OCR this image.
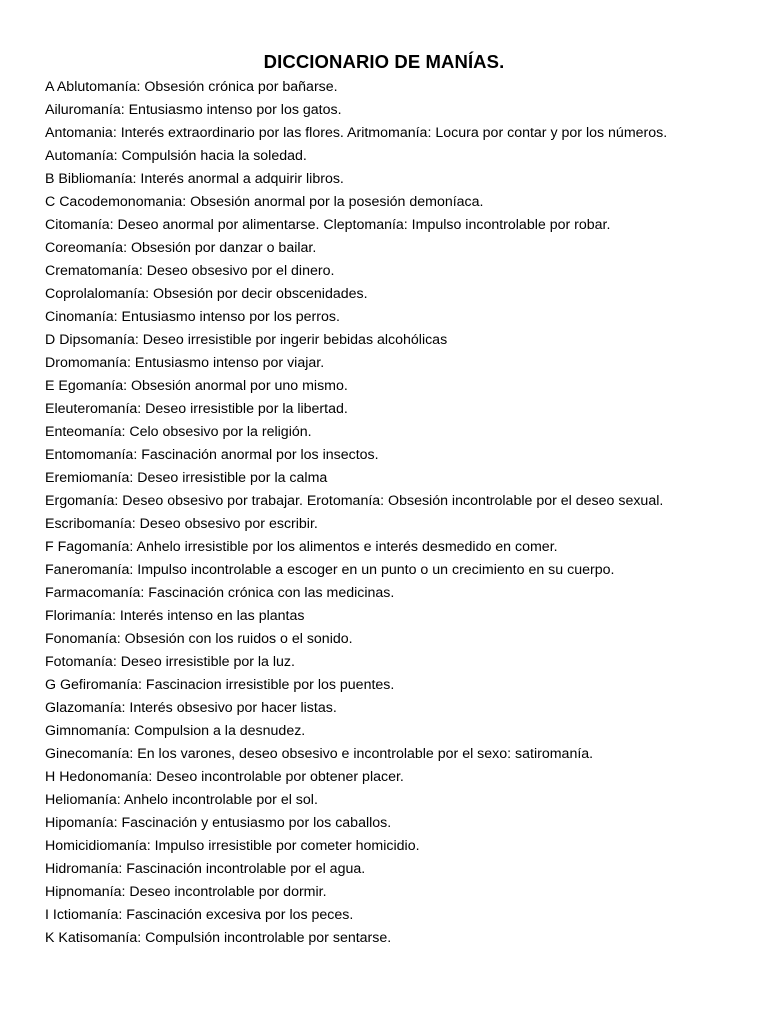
DICCIONARIO DE MANÍAS.
A Ablutomanía: Obsesión crónica por bañarse.
Ailuromanía: Entusiasmo intenso por los gatos.
Antomania: Interés extraordinario por las flores. Aritmomanía: Locura por contar y por los números.
Automanía: Compulsión hacia la soledad.
B Bibliomanía: Interés anormal a adquirir libros.
C Cacodemonomania: Obsesión anormal por la posesión demoníaca.
Citomanía: Deseo anormal por alimentarse. Cleptomanía: Impulso incontrolable por robar.
Coreomanía: Obsesión por danzar o bailar.
Crematomanía: Deseo obsesivo por el dinero.
Coprolalomanía: Obsesión por decir obscenidades.
Cinomanía: Entusiasmo intenso por los perros.
D Dipsomanía: Deseo irresistible por ingerir bebidas alcohólicas
Dromomanía: Entusiasmo intenso por viajar.
E Egomanía: Obsesión anormal por uno mismo.
Eleuteromanía: Deseo irresistible por la libertad.
Enteomanía: Celo obsesivo por la religión.
Entomomanía: Fascinación anormal por los insectos.
Eremiomanía: Deseo irresistible por la calma
Ergomanía: Deseo obsesivo por trabajar. Erotomanía: Obsesión incontrolable por el deseo sexual.
Escribomanía: Deseo obsesivo por escribir.
F Fagomanía: Anhelo irresistible por los alimentos e interés desmedido en comer.
Faneromanía: Impulso incontrolable a escoger en un punto o un crecimiento en su cuerpo.
Farmacomanía: Fascinación crónica con las medicinas.
Florimanía: Interés intenso en las plantas
Fonomanía: Obsesión con los ruidos o el sonido.
Fotomanía: Deseo irresistible por la luz.
G Gefiromanía: Fascinacion irresistible por los puentes.
Glazomanía: Interés obsesivo por hacer listas.
Gimnomanía: Compulsion a la desnudez.
Ginecomanía: En los varones, deseo obsesivo e incontrolable por el sexo: satiromanía.
H Hedonomanía: Deseo incontrolable por obtener placer.
Heliomanía: Anhelo incontrolable por el sol.
Hipomanía: Fascinación y entusiasmo por los caballos.
Homicidiomanía: Impulso irresistible por cometer homicidio.
Hidromanía: Fascinación incontrolable por el agua.
Hipnomanía: Deseo incontrolable por dormir.
I Ictiomanía: Fascinación excesiva por los peces.
K Katisomanía: Compulsión incontrolable por sentarse.
